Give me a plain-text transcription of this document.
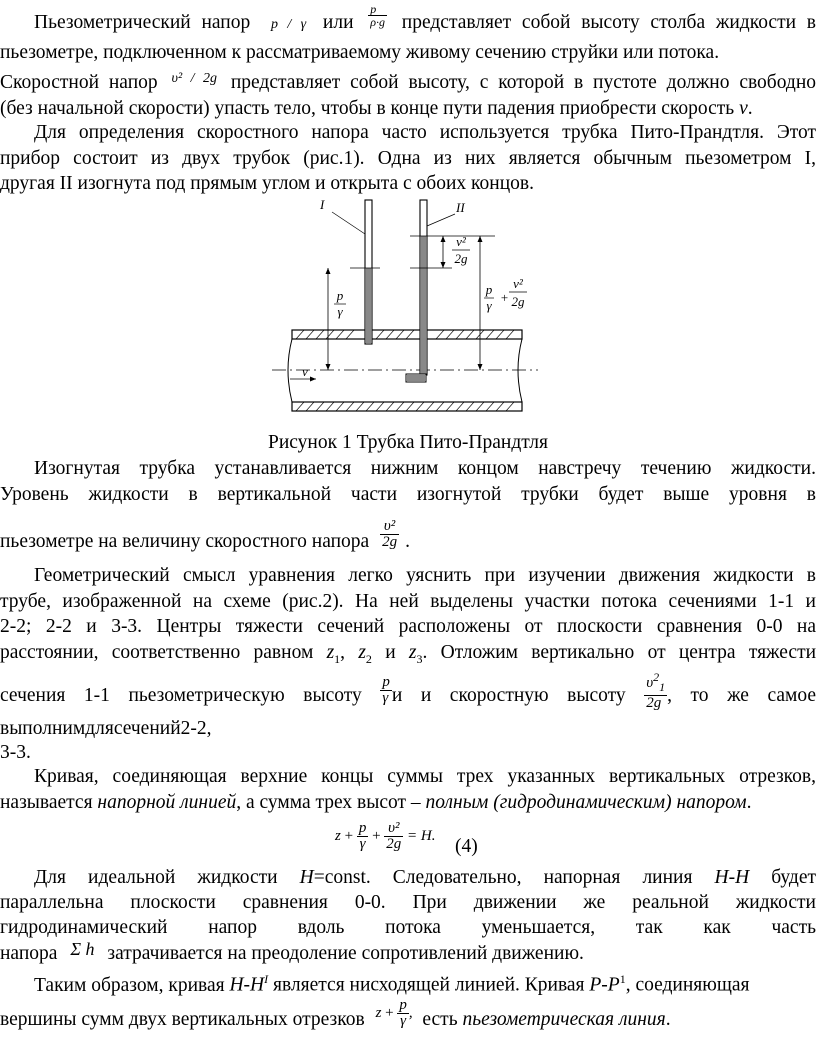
Пьезометрический напор p / γ или $\frac{p}{\rho\cdot g}$ представляет собой высоту столба жидкости в
пьезометре, подключенном к рассматриваемому живому сечению струйки или потока.
Скоростной напор $^{\upsilon^2 / 2g}$ представляет собой высоту, с которой в пустоте должно свободно
(без начальной скорости) упасть тело, чтобы в конце пути падения приобрести скорость v.
Для определения скоростного напора часто используется трубка Пито-Прандтля. Этот
прибор состоит из двух трубок (рис.1). Одна из них является обычным пьезометром I,
другая II изогнута под прямым углом и открыта с обоих концов.
v
I	II
p
γ
v²
2g
p
γ
+
v²
2g
Рисунок 1 Трубка Пито-Прандтля
Изогнутая трубка устанавливается нижним концом навстречу течению жидкости.
Уровень жидкости в вертикальной части изогнутой трубки будет выше уровня в
пьезометре на величину скоростного напора $\frac{\text{υ²}}{2g}$ .
Геометрический смысл уравнения легко уяснить при изучении движения жидкости в
трубе, изображенной на схеме (рис.2). На ней выделены участки потока сечениями 1-1 и
2-2; 2-2 и 3-3. Центры тяжести сечений расположены от плоскости сравнения 0-0 на
расстоянии, соответственно равном $z_1$, $z_2$ и $z_3$. Отложим вертикально от центра тяжести
сечения 1-1 пьезометрическую высоту $\frac{p}{\gamma}$ и и скоростную высоту $\frac{\upsilon^2_1}{2g}$ , то же самое
выполнимдлясечений2-2,
3-3.
Кривая, соединяющая верхние концы суммы трех указанных вертикальных отрезков,
называется напорной линией, а сумма трех высот – полным (гидродинамическим) напором.
$z + \frac{p}{\gamma} + \frac{\text{υ²}}{2g} = H$. (4)
Для идеальной жидкости H=const. Следовательно, напорная линия H-H будет
параллельна плоскости сравнения 0-0. При движении же реальной жидкости
гидродинамический напор вдоль потока уменьшается, так как часть
напора Σ h затрачивается на преодоление сопротивлений движению.
Таким образом, кривая $H-H^I$ является нисходящей линией. Кривая $P-P^1$, соединяющая
вершины сумм двух вертикальных отрезков $^{z + \frac{p}{\gamma} ,}$ есть пьезометрическая линия.
